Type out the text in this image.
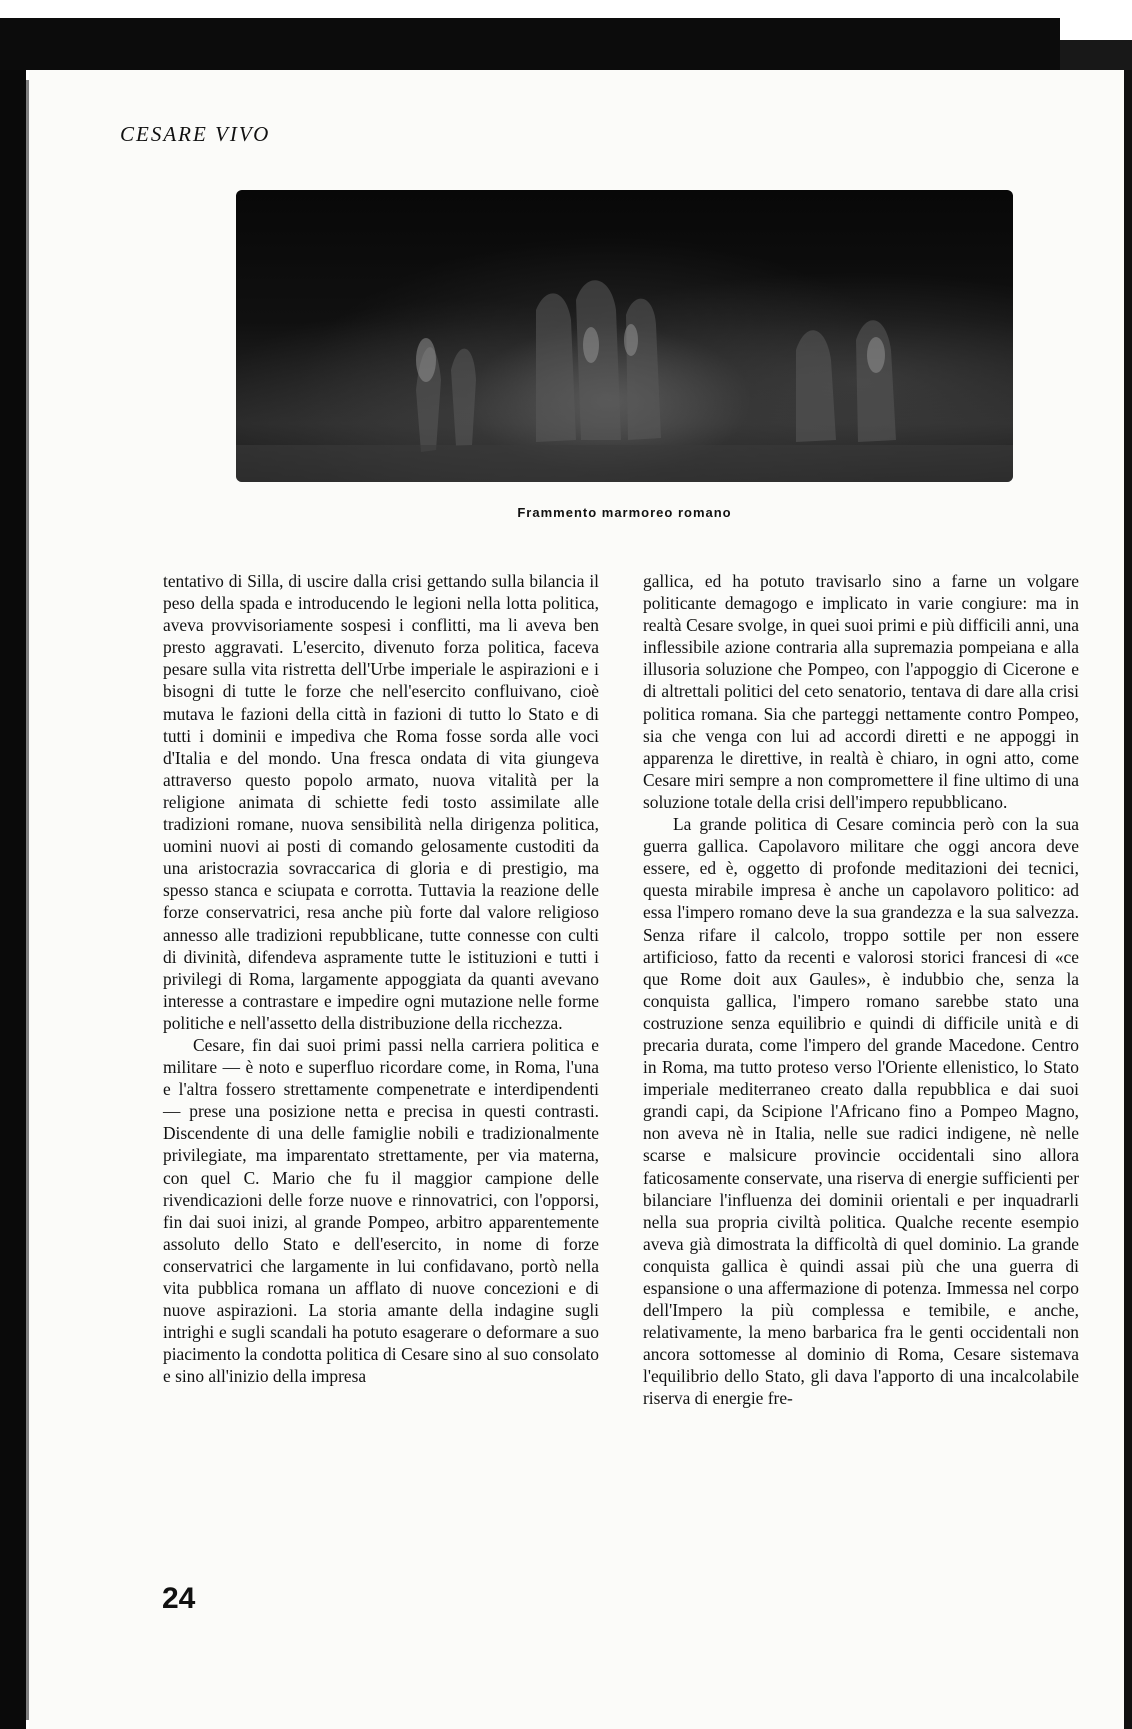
CESARE VIVO
Frammento marmoreo romano

tentativo di Silla, di uscire dalla crisi gettando sulla bilancia il peso della spada e introducendo le legioni nella lotta politica, aveva provvisoriamente sospesi i conflitti, ma li aveva ben presto aggravati. L'esercito, divenuto forza politica, faceva pesare sulla vita ristretta dell'Urbe imperiale le aspirazioni e i bisogni di tutte le forze che nell'esercito confluivano, cioè mutava le fazioni della città in fazioni di tutto lo Stato e di tutti i dominii e impediva che Roma fosse sorda alle voci d'Italia e del mondo. Una fresca ondata di vita giungeva attraverso questo popolo armato, nuova vitalità per la religione animata di schiette fedi tosto assimilate alle tradizioni romane, nuova sensibilità nella dirigenza politica, uomini nuovi ai posti di comando gelosamente custoditi da una aristocrazia sovraccarica di gloria e di prestigio, ma spesso stanca e sciupata e corrotta. Tuttavia la reazione delle forze conservatrici, resa anche più forte dal valore religioso annesso alle tradizioni repubblicane, tutte connesse con culti di divinità, difendeva aspramente tutte le istituzioni e tutti i privilegi di Roma, largamente appoggiata da quanti avevano interesse a contrastare e impedire ogni mutazione nelle forme politiche e nell'assetto della distribuzione della ricchezza.

Cesare, fin dai suoi primi passi nella carriera politica e militare — è noto e superfluo ricordare come, in Roma, l'una e l'altra fossero strettamente compenetrate e interdipendenti — prese una posizione netta e precisa in questi contrasti. Discendente di una delle famiglie nobili e tradizionalmente privilegiate, ma imparentato strettamente, per via materna, con quel C. Mario che fu il maggior campione delle rivendicazioni delle forze nuove e rinnovatrici, con l'opporsi, fin dai suoi inizi, al grande Pompeo, arbitro apparentemente assoluto dello Stato e dell'esercito, in nome di forze conservatrici che largamente in lui confidavano, portò nella vita pubblica romana un afflato di nuove concezioni e di nuove aspirazioni. La storia amante della indagine sugli intrighi e sugli scandali ha potuto esagerare o deformare a suo piacimento la condotta politica di Cesare sino al suo consolato e sino all'inizio della impresa

gallica, ed ha potuto travisarlo sino a farne un volgare politicante demagogo e implicato in varie congiure: ma in realtà Cesare svolge, in quei suoi primi e più difficili anni, una inflessibile azione contraria alla supremazia pompeiana e alla illusoria soluzione che Pompeo, con l'appoggio di Cicerone e di altrettali politici del ceto senatorio, tentava di dare alla crisi politica romana. Sia che parteggi nettamente contro Pompeo, sia che venga con lui ad accordi diretti e ne appoggi in apparenza le direttive, in realtà è chiaro, in ogni atto, come Cesare miri sempre a non compromettere il fine ultimo di una soluzione totale della crisi dell'impero repubblicano.

La grande politica di Cesare comincia però con la sua guerra gallica. Capolavoro militare che oggi ancora deve essere, ed è, oggetto di profonde meditazioni dei tecnici, questa mirabile impresa è anche un capolavoro politico: ad essa l'impero romano deve la sua grandezza e la sua salvezza. Senza rifare il calcolo, troppo sottile per non essere artificioso, fatto da recenti e valorosi storici francesi di «ce que Rome doit aux Gaules», è indubbio che, senza la conquista gallica, l'impero romano sarebbe stato una costruzione senza equilibrio e quindi di difficile unità e di precaria durata, come l'impero del grande Macedone. Centro in Roma, ma tutto proteso verso l'Oriente ellenistico, lo Stato imperiale mediterraneo creato dalla repubblica e dai suoi grandi capi, da Scipione l'Africano fino a Pompeo Magno, non aveva nè in Italia, nelle sue radici indigene, nè nelle scarse e malsicure provincie occidentali sino allora faticosamente conservate, una riserva di energie sufficienti per bilanciare l'influenza dei dominii orientali e per inquadrarli nella sua propria civiltà politica. Qualche recente esempio aveva già dimostrata la difficoltà di quel dominio. La grande conquista gallica è quindi assai più che una guerra di espansione o una affermazione di potenza. Immessa nel corpo dell'Impero la più complessa e temibile, e anche, relativamente, la meno barbarica fra le genti occidentali non ancora sottomesse al dominio di Roma, Cesare sistemava l'equilibrio dello Stato, gli dava l'apporto di una incalcolabile riserva di energie fre-

24
